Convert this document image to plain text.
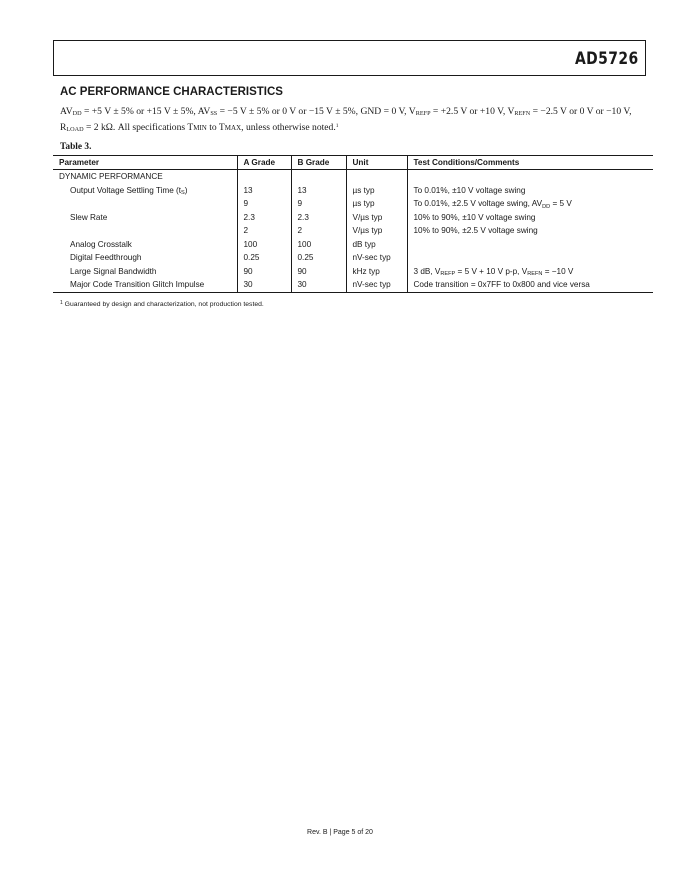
AD5726
AC PERFORMANCE CHARACTERISTICS

$AV_{DD} = +5$ V ± 5% or +15 V ± 5%, $AV_{SS} = -5$ V ± 5% or 0 V or −15 V ± 5%, GND = 0 V, $V_{REFP} = +2.5$ V or +10 V, $V_{REFN} = -2.5$ V or 0 V or −10 V, $R_{LOAD} = 2$ kΩ. All specifications TMIN to TMAX, unless otherwise noted.$^1$

Table 3.

Parameter	A Grade	B Grade	Unit	Test Conditions/Comments
DYNAMIC PERFORMANCE				
Output Voltage Settling Time $(t_S)$	13	13	µs typ	To 0.01%, ±10 V voltage swing
	9	9	µs typ	To 0.01%, ±2.5 V voltage swing, $AV_{DD} = 5$ V
Slew Rate	2.3	2.3	V/µs typ	10% to 90%, ±10 V voltage swing
	2	2	V/µs typ	10% to 90%, ±2.5 V voltage swing
Analog Crosstalk	100	100	dB typ	
Digital Feedthrough	0.25	0.25	nV-sec typ	
Large Signal Bandwidth	90	90	kHz typ	3 dB, $V_{REFP} = 5$ V + 10 V p-p, $V_{REFN} = -10$ V
Major Code Transition Glitch Impulse	30	30	nV-sec typ	Code transition = 0x7FF to 0x800 and vice versa

$^1$ Guaranteed by design and characterization, not production tested.

Rev. B | Page 5 of 20
